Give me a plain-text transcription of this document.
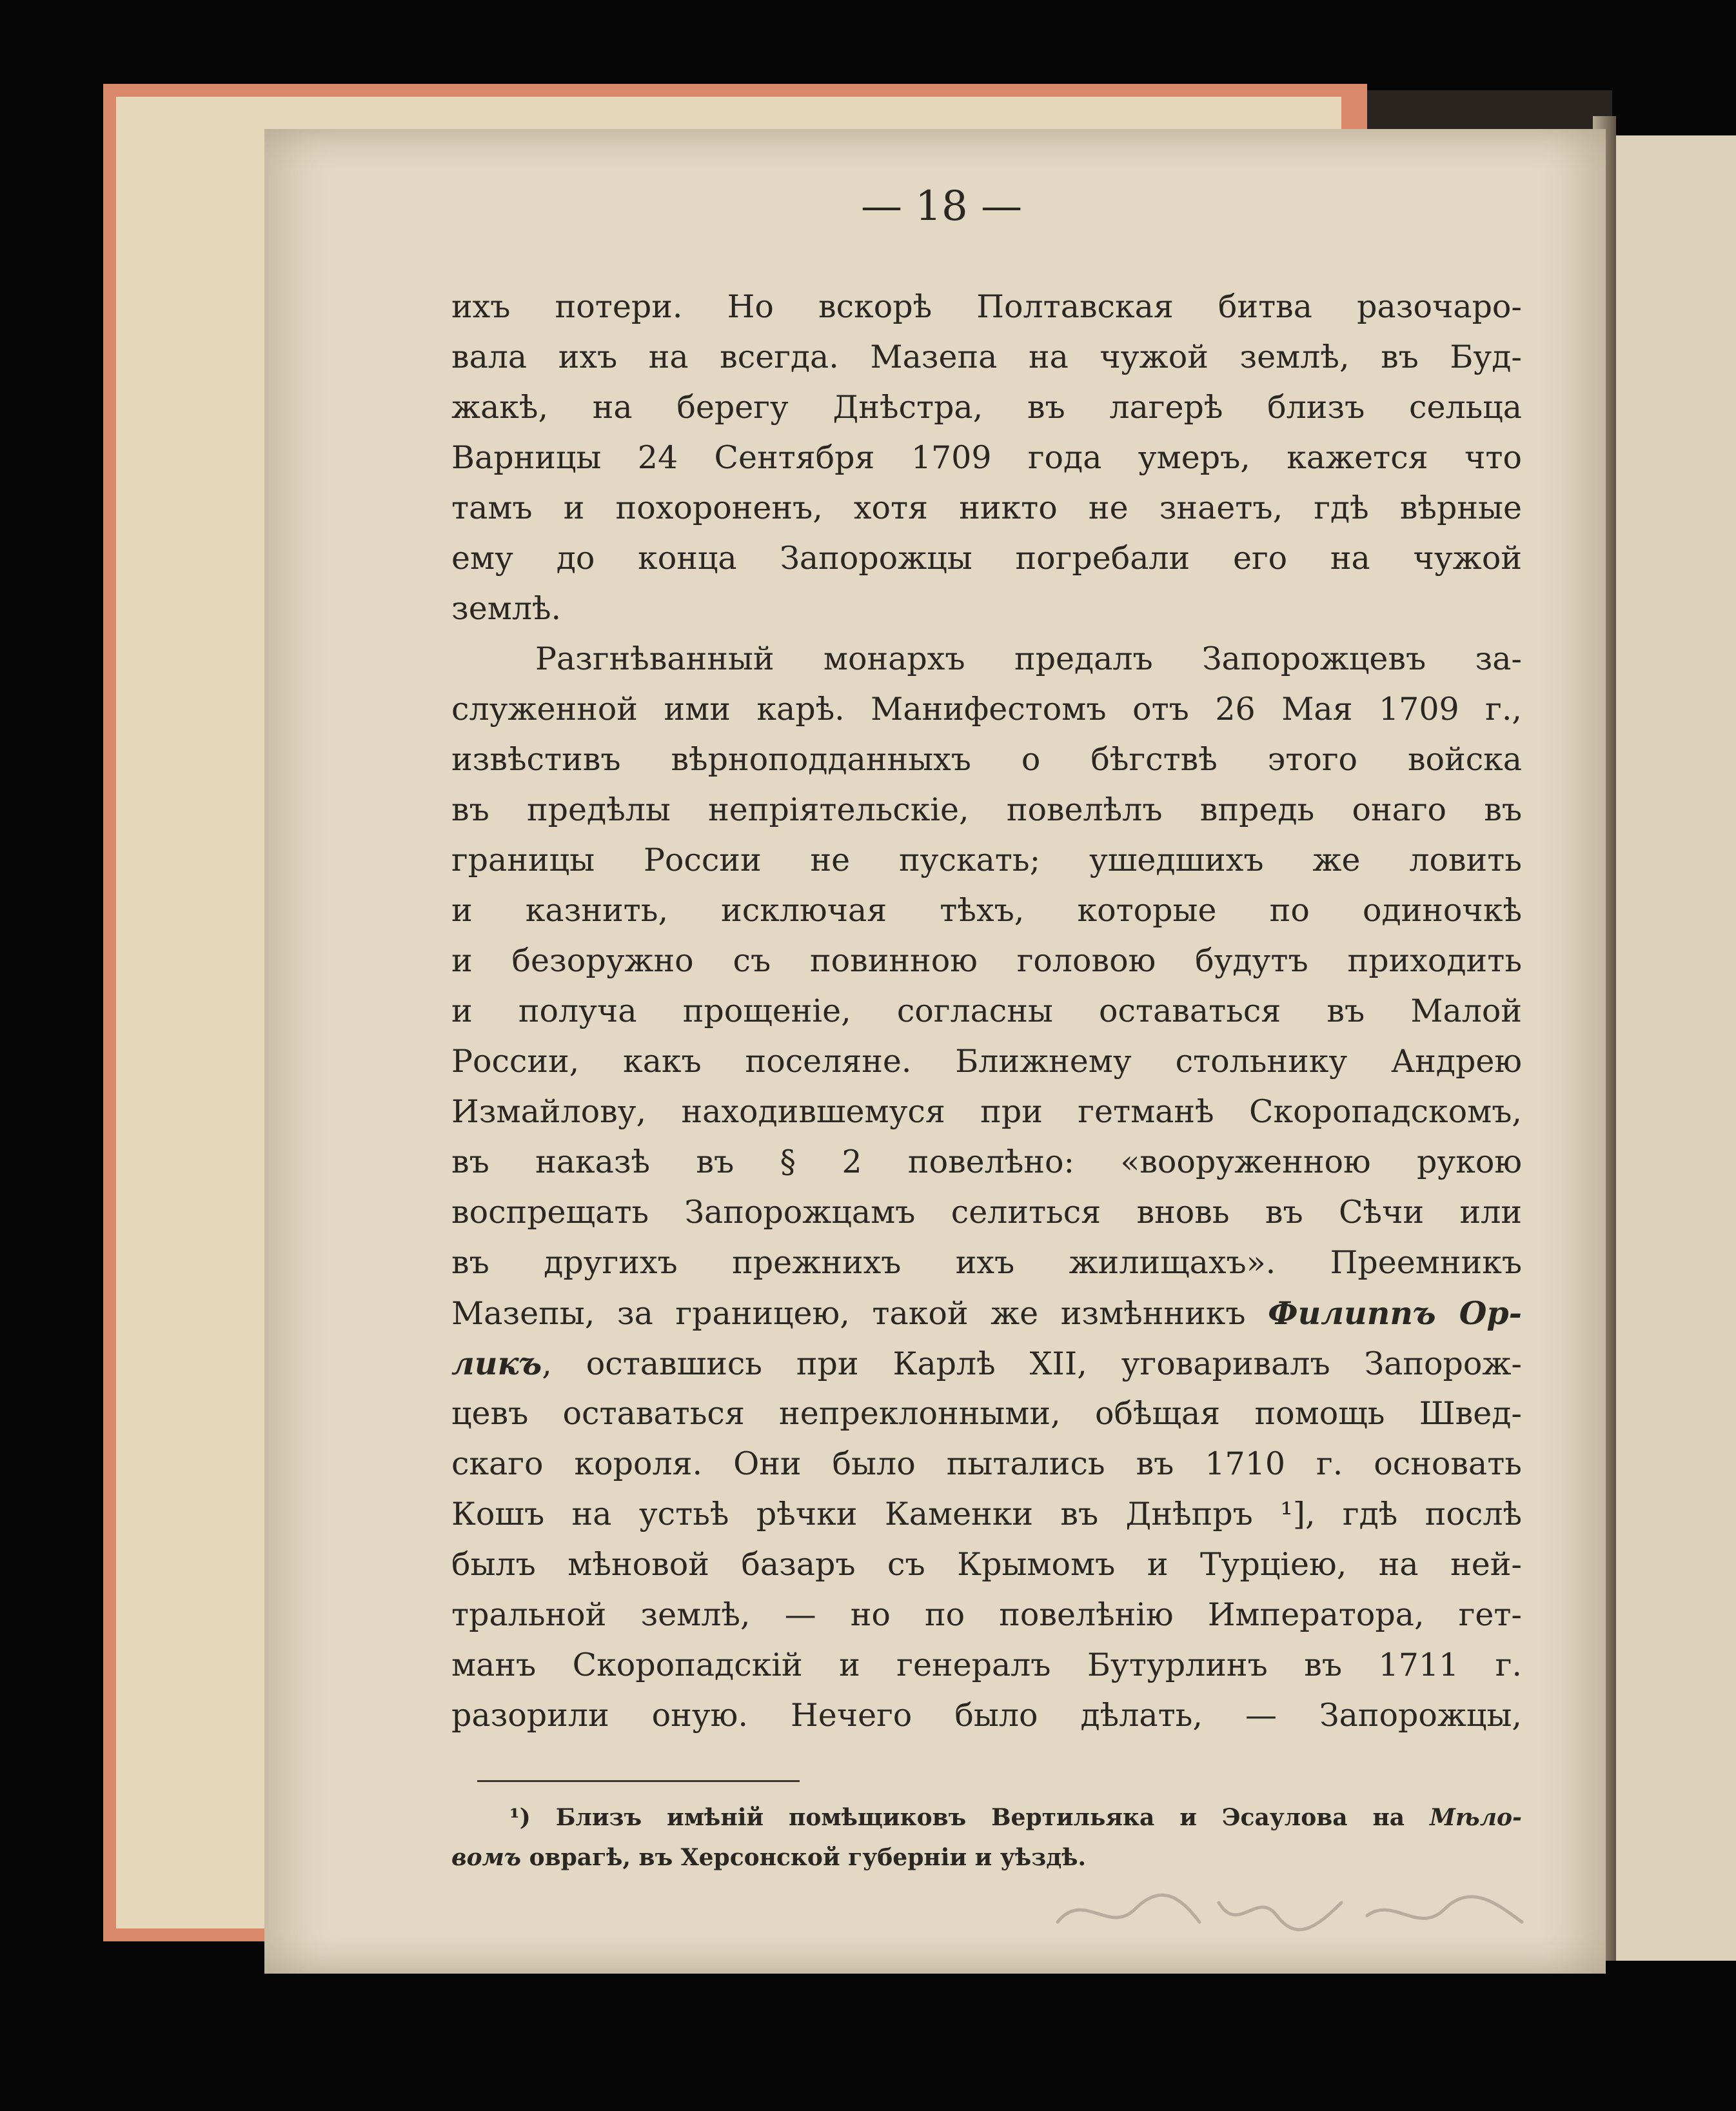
— 18 —
ихъ потери. Но вскорѣ Полтавская битва разочаро-
вала ихъ на всегда. Мазепа на чужой землѣ, въ Буд-
жакѣ, на берегу Днѣстра, въ лагерѣ близъ сельца
Варницы 24 Сентября 1709 года умеръ, кажется что
тамъ и похороненъ, хотя никто не знаетъ, гдѣ вѣрные
ему до конца Запорожцы погребали его на чужой
землѣ.
Разгнѣванный монархъ предалъ Запорожцевъ за-
служенной ими карѣ. Манифестомъ отъ 26 Мая 1709 г.,
извѣстивъ вѣрноподданныхъ о бѣгствѣ этого войска
въ предѣлы непріятельскіе, повелѣлъ впредь онаго въ
границы России не пускать; ушедшихъ же ловить
и казнить, исключая тѣхъ, которые по одиночкѣ
и безоружно съ повинною головою будутъ приходить
и получа прощеніе, согласны оставаться въ Малой
России, какъ поселяне. Ближнему стольнику Андрею
Измайлову, находившемуся при гетманѣ Скоропадскомъ,
въ наказѣ въ § 2 повелѣно: «вооруженною рукою
воспрещать Запорожцамъ селиться вновь въ Сѣчи или
въ другихъ прежнихъ ихъ жилищахъ». Преемникъ
Мазепы, за границею, такой же измѣнникъ Филиппъ Ор-
ликъ, оставшись при Карлѣ XII, уговаривалъ Запорож-
цевъ оставаться непреклонными, обѣщая помощь Швед-
скаго короля. Они было пытались въ 1710 г. основать
Кошъ на устьѣ рѣчки Каменки въ Днѣпръ ¹], гдѣ послѣ
былъ мѣновой базаръ съ Крымомъ и Турціею, на ней-
тральной землѣ, — но по повелѣнію Императора, гет-
манъ Скоропадскій и генералъ Бутурлинъ въ 1711 г.
разорили оную. Нечего было дѣлать, — Запорожцы,
¹) Близъ имѣній помѣщиковъ Вертильяка и Эсаулова на Мѣло-
вомъ оврагѣ, въ Херсонской губерніи и уѣздѣ.
